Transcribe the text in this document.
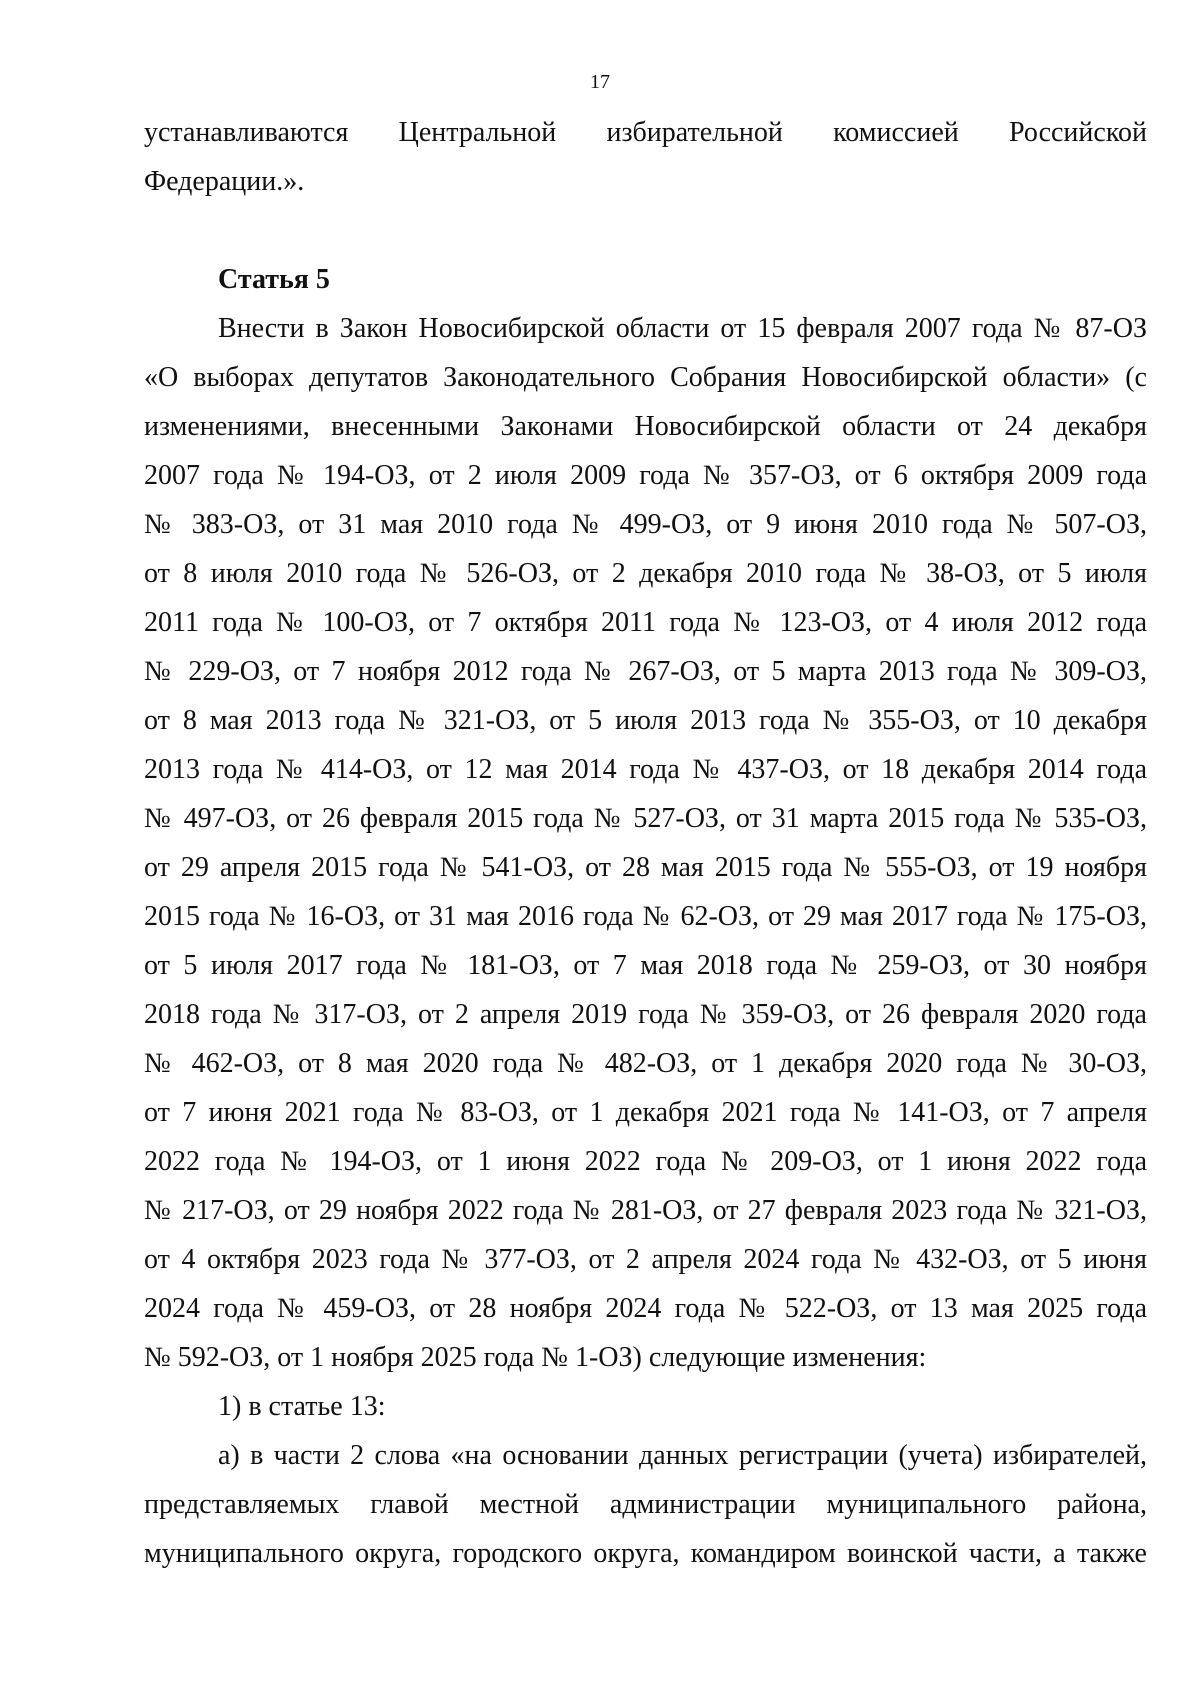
17
устанавливаются Центральной избирательной комиссией Российской
Федерации.».
Статья 5
Внести в Закон Новосибирской области от 15 февраля 2007 года № 87-ОЗ
«О выборах депутатов Законодательного Собрания Новосибирской области» (с
изменениями, внесенными Законами Новосибирской области от 24 декабря
2007 года № 194-ОЗ, от 2 июля 2009 года № 357-ОЗ, от 6 октября 2009 года
№ 383-ОЗ, от 31 мая 2010 года № 499-ОЗ, от 9 июня 2010 года № 507-ОЗ,
от 8 июля 2010 года № 526-ОЗ, от 2 декабря 2010 года № 38-ОЗ, от 5 июля
2011 года № 100-ОЗ, от 7 октября 2011 года № 123-ОЗ, от 4 июля 2012 года
№ 229-ОЗ, от 7 ноября 2012 года № 267-ОЗ, от 5 марта 2013 года № 309-ОЗ,
от 8 мая 2013 года № 321-ОЗ, от 5 июля 2013 года № 355-ОЗ, от 10 декабря
2013 года № 414-ОЗ, от 12 мая 2014 года № 437-ОЗ, от 18 декабря 2014 года
№ 497-ОЗ, от 26 февраля 2015 года № 527-ОЗ, от 31 марта 2015 года № 535-ОЗ,
от 29 апреля 2015 года № 541-ОЗ, от 28 мая 2015 года № 555-ОЗ, от 19 ноября
2015 года № 16-ОЗ, от 31 мая 2016 года № 62-ОЗ, от 29 мая 2017 года № 175-ОЗ,
от 5 июля 2017 года № 181-ОЗ, от 7 мая 2018 года № 259-ОЗ, от 30 ноября
2018 года № 317-ОЗ, от 2 апреля 2019 года № 359-ОЗ, от 26 февраля 2020 года
№ 462-ОЗ, от 8 мая 2020 года № 482-ОЗ, от 1 декабря 2020 года № 30-ОЗ,
от 7 июня 2021 года № 83-ОЗ, от 1 декабря 2021 года № 141-ОЗ, от 7 апреля
2022 года № 194-ОЗ, от 1 июня 2022 года № 209-ОЗ, от 1 июня 2022 года
№ 217-ОЗ, от 29 ноября 2022 года № 281-ОЗ, от 27 февраля 2023 года № 321-ОЗ,
от 4 октября 2023 года № 377-ОЗ, от 2 апреля 2024 года № 432-ОЗ, от 5 июня
2024 года № 459-ОЗ, от 28 ноября 2024 года № 522-ОЗ, от 13 мая 2025 года
№ 592-ОЗ, от 1 ноября 2025 года № 1-ОЗ) следующие изменения:
1) в статье 13:
а) в части 2 слова «на основании данных регистрации (учета) избирателей,
представляемых главой местной администрации муниципального района,
муниципального округа, городского округа, командиром воинской части, а также
